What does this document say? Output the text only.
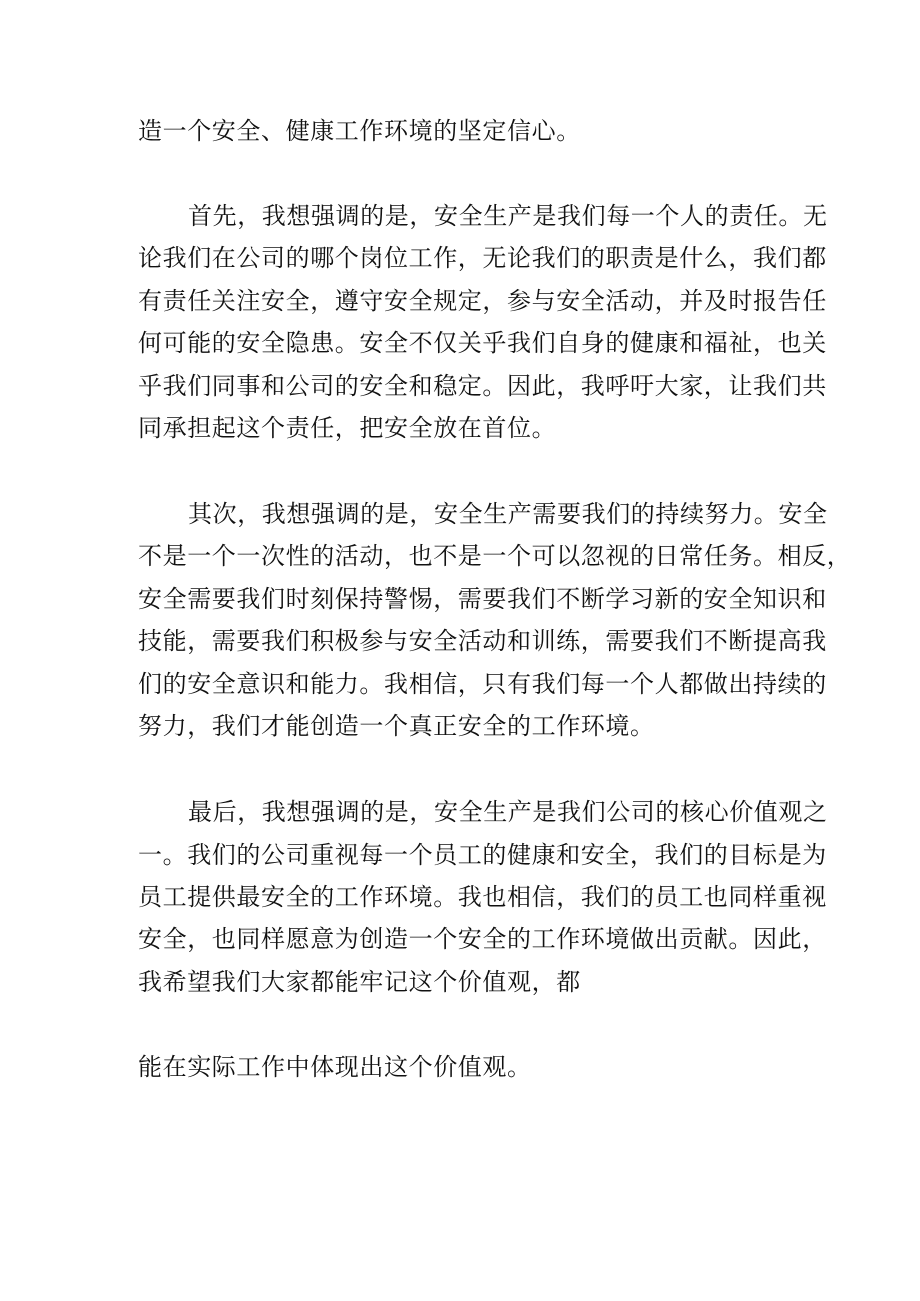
造一个安全、健康工作环境的坚定信心。

首先，我想强调的是，安全生产是我们每一个人的责任。无

论我们在公司的哪个岗位工作，无论我们的职责是什么，我们都

有责任关注安全，遵守安全规定，参与安全活动，并及时报告任

何可能的安全隐患。安全不仅关乎我们自身的健康和福祉，也关

乎我们同事和公司的安全和稳定。因此，我呼吁大家，让我们共

同承担起这个责任，把安全放在首位。

其次，我想强调的是，安全生产需要我们的持续努力。安全

不是一个一次性的活动，也不是一个可以忽视的日常任务。相反，

安全需要我们时刻保持警惕，需要我们不断学习新的安全知识和

技能，需要我们积极参与安全活动和训练，需要我们不断提高我

们的安全意识和能力。我相信，只有我们每一个人都做出持续的

努力，我们才能创造一个真正安全的工作环境。

最后，我想强调的是，安全生产是我们公司的核心价值观之

一。我们的公司重视每一个员工的健康和安全，我们的目标是为

员工提供最安全的工作环境。我也相信，我们的员工也同样重视

安全，也同样愿意为创造一个安全的工作环境做出贡献。因此，

我希望我们大家都能牢记这个价值观，都

能在实际工作中体现出这个价值观。
